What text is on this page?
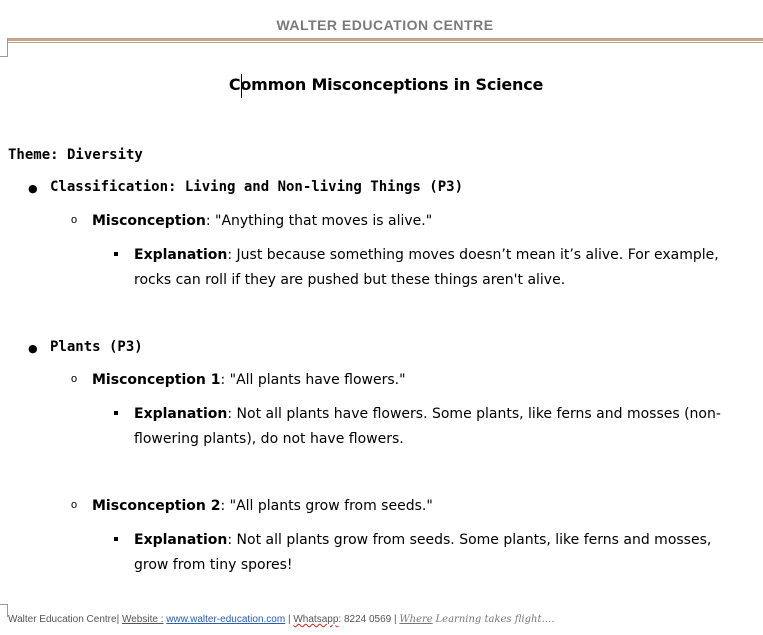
WALTER EDUCATION CENTRE
Common Misconceptions in Science
Theme: Diversity
● Classification: Living and Non-living Things (P3)
o Misconception: "Anything that moves is alive."
Explanation: Just because something moves doesn’t mean it’s alive. For example, rocks can roll if they are pushed but these things aren't alive.
● Plants (P3)
o Misconception 1: "All plants have flowers."
Explanation: Not all plants have flowers. Some plants, like ferns and mosses (non-flowering plants), do not have flowers.
o Misconception 2: "All plants grow from seeds."
Explanation: Not all plants grow from seeds. Some plants, like ferns and mosses, grow from tiny spores!
Walter Education Centre| Website : www.walter-education.com | Whatsapp: 8224 0569 | Where Learning takes flight….
